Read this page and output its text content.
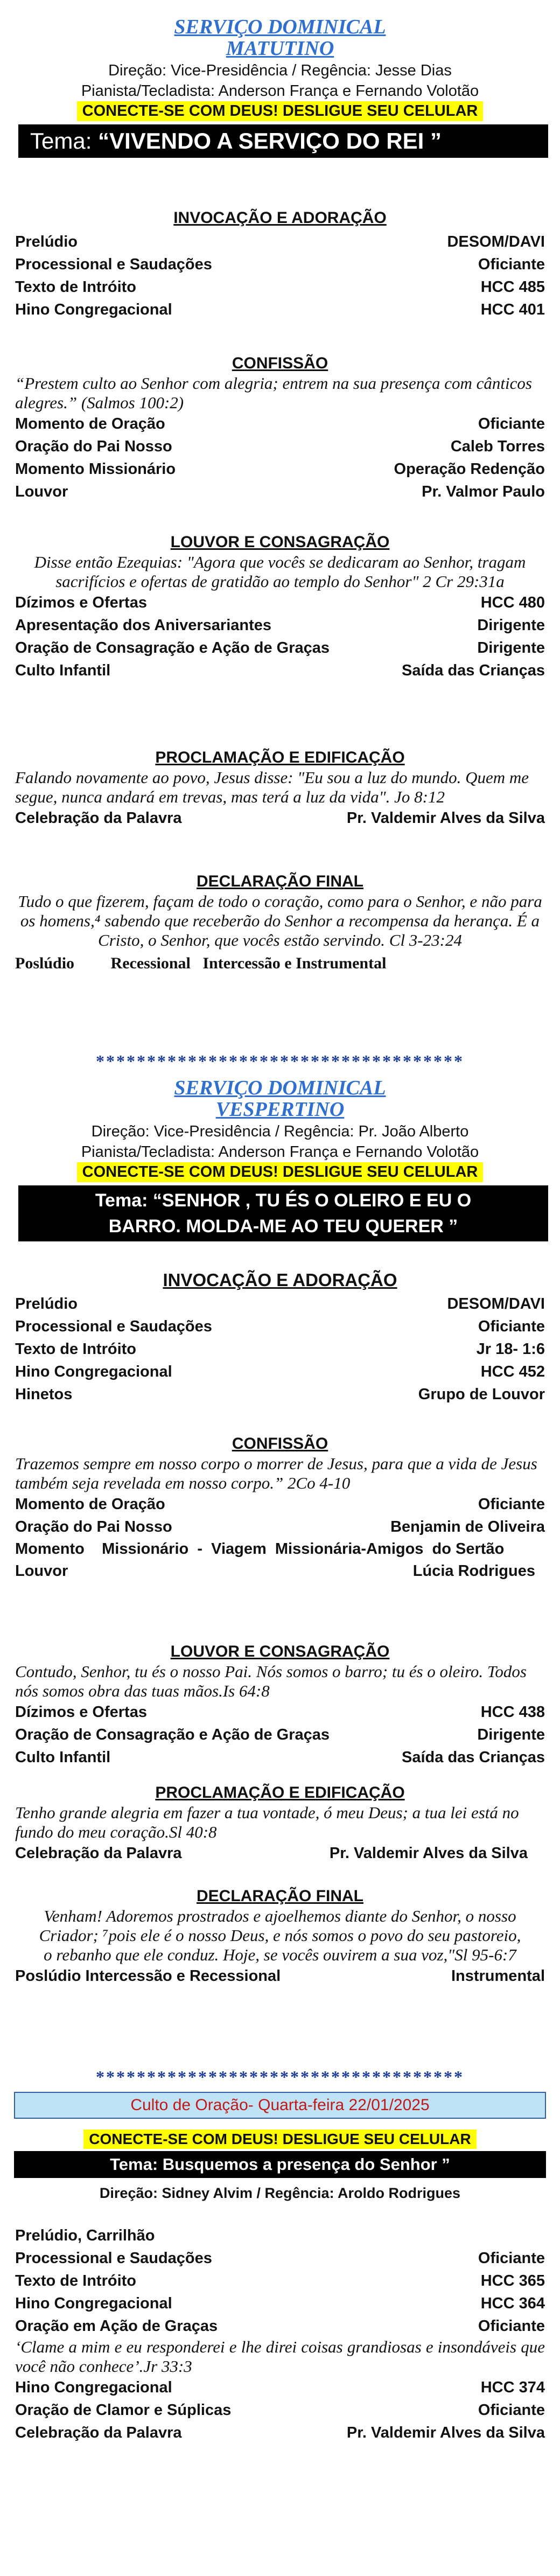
SERVIÇO DOMINICAL
MATUTINO
Direção: Vice-Presidência / Regência: Jesse Dias
Pianista/Tecladista: Anderson França e Fernando Volotão
CONECTE-SE COM DEUS! DESLIGUE SEU CELULAR
Tema: “VIVENDO A SERVIÇO DO REI ”
INVOCAÇÃO E ADORAÇÃO
Prelúdio	DESOM/DAVI
Processional e Saudações	Oficiante
Texto de Intróito	HCC 485
Hino Congregacional	HCC 401
CONFISSÃO
“Prestem culto ao Senhor com alegria; entrem na sua presença com cânticos alegres.” (Salmos 100:2)
Momento de Oração	Oficiante
Oração do Pai Nosso	Caleb Torres
Momento Missionário	Operação Redenção
Louvor	Pr. Valmor Paulo
LOUVOR E CONSAGRAÇÃO
Disse então Ezequias: "Agora que vocês se dedicaram ao Senhor, tragam sacrifícios e ofertas de gratidão ao templo do Senhor" 2 Cr 29:31a
Dízimos e Ofertas	HCC 480
Apresentação dos Aniversariantes	Dirigente
Oração de Consagração e Ação de Graças	Dirigente
Culto Infantil	Saída das Crianças
PROCLAMAÇÃO E EDIFICAÇÃO
Falando novamente ao povo, Jesus disse: "Eu sou a luz do mundo. Quem me segue, nunca andará em trevas, mas terá a luz da vida". Jo 8:12
Celebração da Palavra	Pr. Valdemir Alves da Silva
DECLARAÇÃO FINAL
Tudo o que fizerem, façam de todo o coração, como para o Senhor, e não para os homens,⁴ sabendo que receberão do Senhor a recompensa da herança. É a Cristo, o Senhor, que vocês estão servindo. Cl 3-23:24
Poslúdio         Recessional   Intercessão e Instrumental
************************************
SERVIÇO DOMINICAL
VESPERTINO
Direção: Vice-Presidência / Regência: Pr. João Alberto
Pianista/Tecladista: Anderson França e Fernando Volotão
CONECTE-SE COM DEUS! DESLIGUE SEU CELULAR
Tema: “SENHOR , TU ÉS O OLEIRO E EU O
BARRO. MOLDA-ME AO TEU QUERER ”
INVOCAÇÃO E ADORAÇÃO
Prelúdio	DESOM/DAVI
Processional e Saudações	Oficiante
Texto de Intróito	Jr 18- 1:6
Hino Congregacional	HCC 452
Hinetos	Grupo de Louvor
CONFISSÃO
Trazemos sempre em nosso corpo o morrer de Jesus, para que a vida de Jesus também seja revelada em nosso corpo.” 2Co 4-10
Momento de Oração	Oficiante
Oração do Pai Nosso	Benjamin de Oliveira
Momento    Missionário  -  Viagem  Missionária-Amigos  do Sertão
Louvor	Lúcia Rodrigues
LOUVOR E CONSAGRAÇÃO
Contudo, Senhor, tu és o nosso Pai. Nós somos o barro; tu és o oleiro. Todos nós somos obra das tuas mãos.Is 64:8
Dízimos e Ofertas	HCC 438
Oração de Consagração e Ação de Graças	Dirigente
Culto Infantil	Saída das Crianças
PROCLAMAÇÃO E EDIFICAÇÃO
Tenho grande alegria em fazer a tua vontade, ó meu Deus; a tua lei está no fundo do meu coração.Sl 40:8
Celebração da Palavra	Pr. Valdemir Alves da Silva
DECLARAÇÃO FINAL
Venham! Adoremos prostrados e ajoelhemos diante do Senhor, o nosso Criador; ⁷pois ele é o nosso Deus, e nós somos o povo do seu pastoreio, o rebanho que ele conduz. Hoje, se vocês ouvirem a sua voz,"Sl 95-6:7
Poslúdio Intercessão e Recessional	Instrumental
************************************
Culto de Oração- Quarta-feira 22/01/2025
CONECTE-SE COM DEUS! DESLIGUE SEU CELULAR
Tema: Busquemos a presença do Senhor ”
Direção: Sidney Alvim / Regência: Aroldo Rodrigues
Prelúdio, Carrilhão
Processional e Saudações	Oficiante
Texto de Intróito	HCC 365
Hino Congregacional	HCC 364
Oração em Ação de Graças	Oficiante
‘Clame a mim e eu responderei e lhe direi coisas grandiosas e insondáveis que você não conhece’.Jr 33:3
Hino Congregacional	HCC 374
Oração de Clamor e Súplicas	Oficiante
Celebração da Palavra	Pr. Valdemir Alves da Silva
